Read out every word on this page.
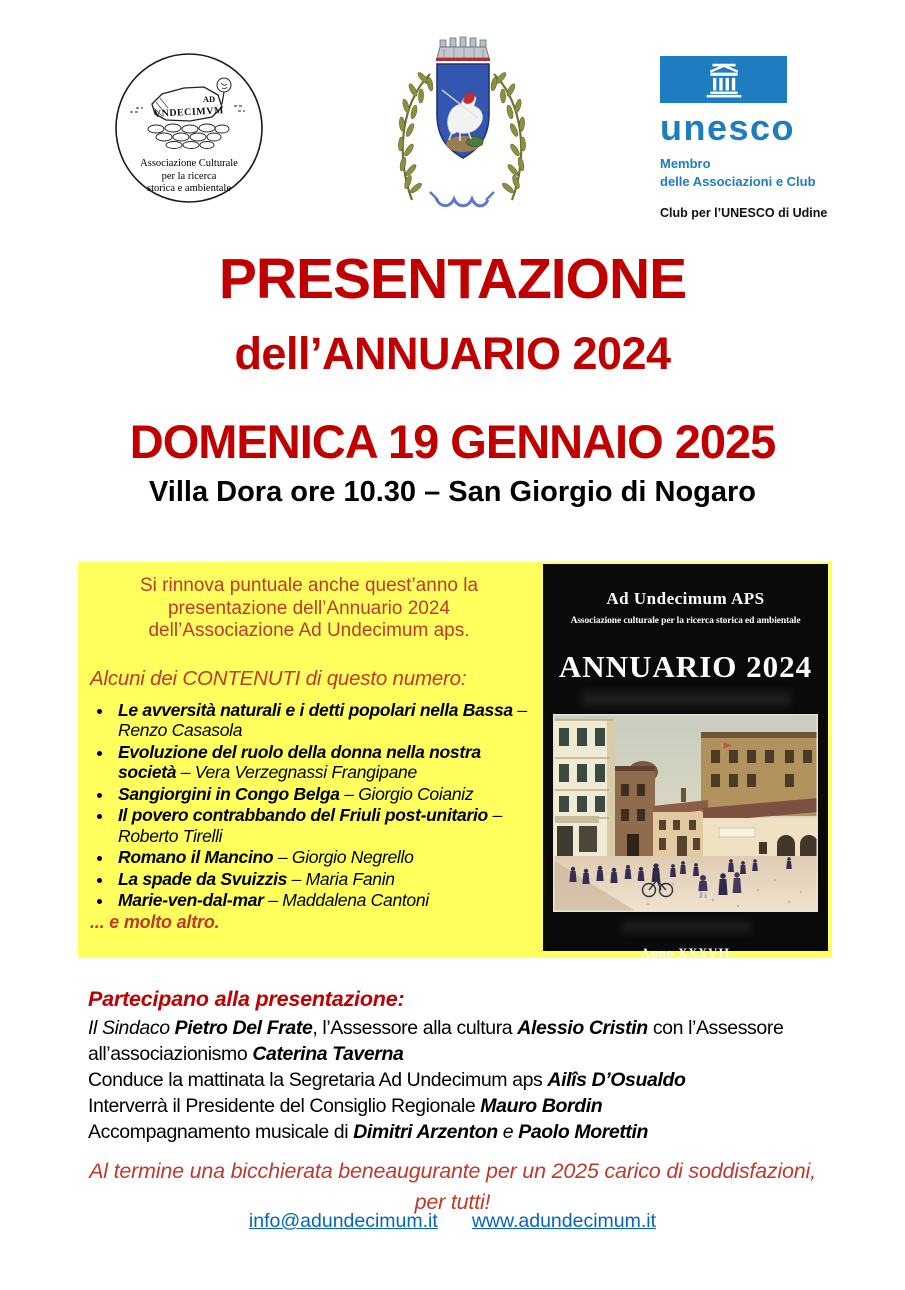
AD
VNDECIMVM
Associazione Culturale
per la ricerca
storica e ambientale
unesco
Membro
delle Associazioni e Club
Club per l’UNESCO di Udine
PRESENTAZIONE
dell’ANNUARIO 2024
DOMENICA 19 GENNAIO 2025
Villa Dora ore 10.30 – San Giorgio di Nogaro
Si rinnova puntuale anche quest’anno la
presentazione dell’Annuario 2024
dell’Associazione Ad Undecimum aps.
Alcuni dei CONTENUTI di questo numero:
• Le avversità naturali e i detti popolari nella Bassa – Renzo Casasola
• Evoluzione del ruolo della donna nella nostra società – Vera Verzegnassi Frangipane
• Sangiorgini in Congo Belga – Giorgio Coianiz
• Il povero contrabbando del Friuli post-unitario – Roberto Tirelli
• Romano il Mancino – Giorgio Negrello
• La spade da Svuizzis – Maria Fanin
• Marie-ven-dal-mar – Maddalena Cantoni
... e molto altro.
Ad Undecimum APS
Associazione culturale per la ricerca storica ed ambientale
ANNUARIO 2024
Anno XXXVII
Partecipano alla presentazione:
Il Sindaco Pietro Del Frate, l’Assessore alla cultura Alessio Cristin con l’Assessore all’associazionismo Caterina Taverna
Conduce la mattinata la Segretaria Ad Undecimum aps Ailîs D’Osualdo
Interverrà il Presidente del Consiglio Regionale Mauro Bordin
Accompagnamento musicale di Dimitri Arzenton e Paolo Morettin
Al termine una bicchierata beneaugurante per un 2025 carico di soddisfazioni,
per tutti!
info@adundecimum.it www.adundecimum.it
